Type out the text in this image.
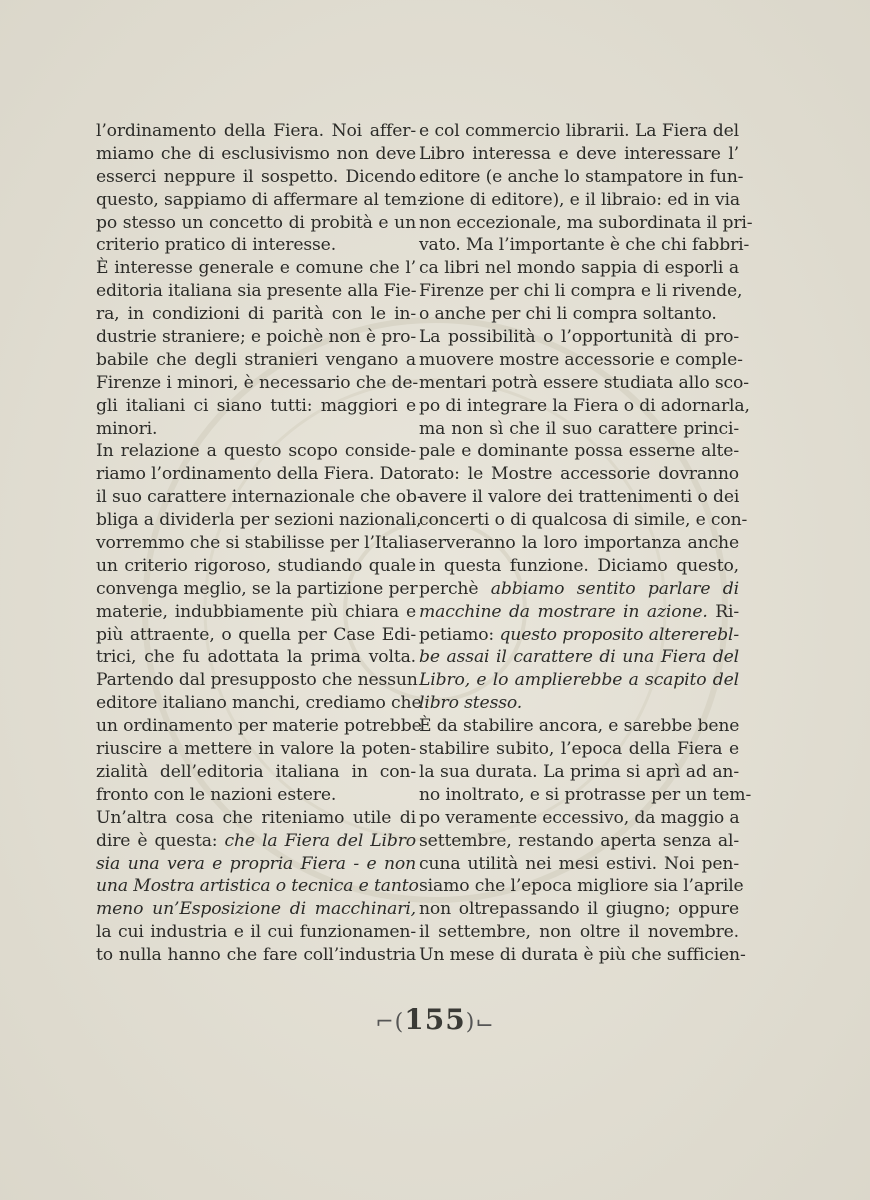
l’ordinamento della Fiera. Noi affer-
miamo che di esclusivismo non deve
esserci neppure il sospetto. Dicendo
questo, sappiamo di affermare al tem-
po stesso un concetto di probità e un
criterio pratico di interesse.
È interesse generale e comune che l’
editoria italiana sia presente alla Fie-
ra, in condizioni di parità con le in-
dustrie straniere; e poichè non è pro-
babile che degli stranieri vengano a
Firenze i minori, è necessario che de-
gli italiani ci siano tutti: maggiori e
minori.
In relazione a questo scopo conside-
riamo l’ordinamento della Fiera. Dato
il suo carattere internazionale che ob-
bliga a dividerla per sezioni nazionali,
vorremmo che si stabilisse per l’Italia
un criterio rigoroso, studiando quale
convenga meglio, se la partizione per
materie, indubbiamente più chiara e
più attraente, o quella per Case Edi-
trici, che fu adottata la prima volta.
Partendo dal presupposto che nessun
editore italiano manchi, crediamo che
un ordinamento per materie potrebbe
riuscire a mettere in valore la poten-
zialità dell’editoria italiana in con-
fronto con le nazioni estere.
Un’altra cosa che riteniamo utile di
dire è questa: che la Fiera del Libro
sia una vera e propria Fiera - e non
una Mostra artistica o tecnica e tanto
meno un’Esposizione di macchinari,
la cui industria e il cui funzionamen-
to nulla hanno che fare coll’industria
e col commercio librarii. La Fiera del
Libro interessa e deve interessare l’
editore (e anche lo stampatore in fun-
zione di editore), e il libraio: ed in via
non eccezionale, ma subordinata il pri-
vato. Ma l’importante è che chi fabbri-
ca libri nel mondo sappia di esporli a
Firenze per chi li compra e li rivende,
o anche per chi li compra soltanto.
La possibilità o l’opportunità di pro-
muovere mostre accessorie e comple-
mentari potrà essere studiata allo sco-
po di integrare la Fiera o di adornarla,
ma non sì che il suo carattere princi-
pale e dominante possa esserne alte-
rato: le Mostre accessorie dovranno
avere il valore dei trattenimenti o dei
concerti o di qualcosa di simile, e con-
serveranno la loro importanza anche
in questa funzione. Diciamo questo,
perchè abbiamo sentito parlare di
macchine da mostrare in azione. Ri-
petiamo: questo proposito altererebl-
be assai il carattere di una Fiera del
Libro, e lo amplierebbe a scapito del
libro stesso.
È da stabilire ancora, e sarebbe bene
stabilire subito, l’epoca della Fiera e
la sua durata. La prima si aprì ad an-
no inoltrato, e si protrasse per un tem-
po veramente eccessivo, da maggio a
settembre, restando aperta senza al-
cuna utilità nei mesi estivi. Noi pen-
siamo che l’epoca migliore sia l’aprile
non oltrepassando il giugno; oppure
il settembre, non oltre il novembre.
Un mese di durata è più che sufficien-
⌐(155)⌙
